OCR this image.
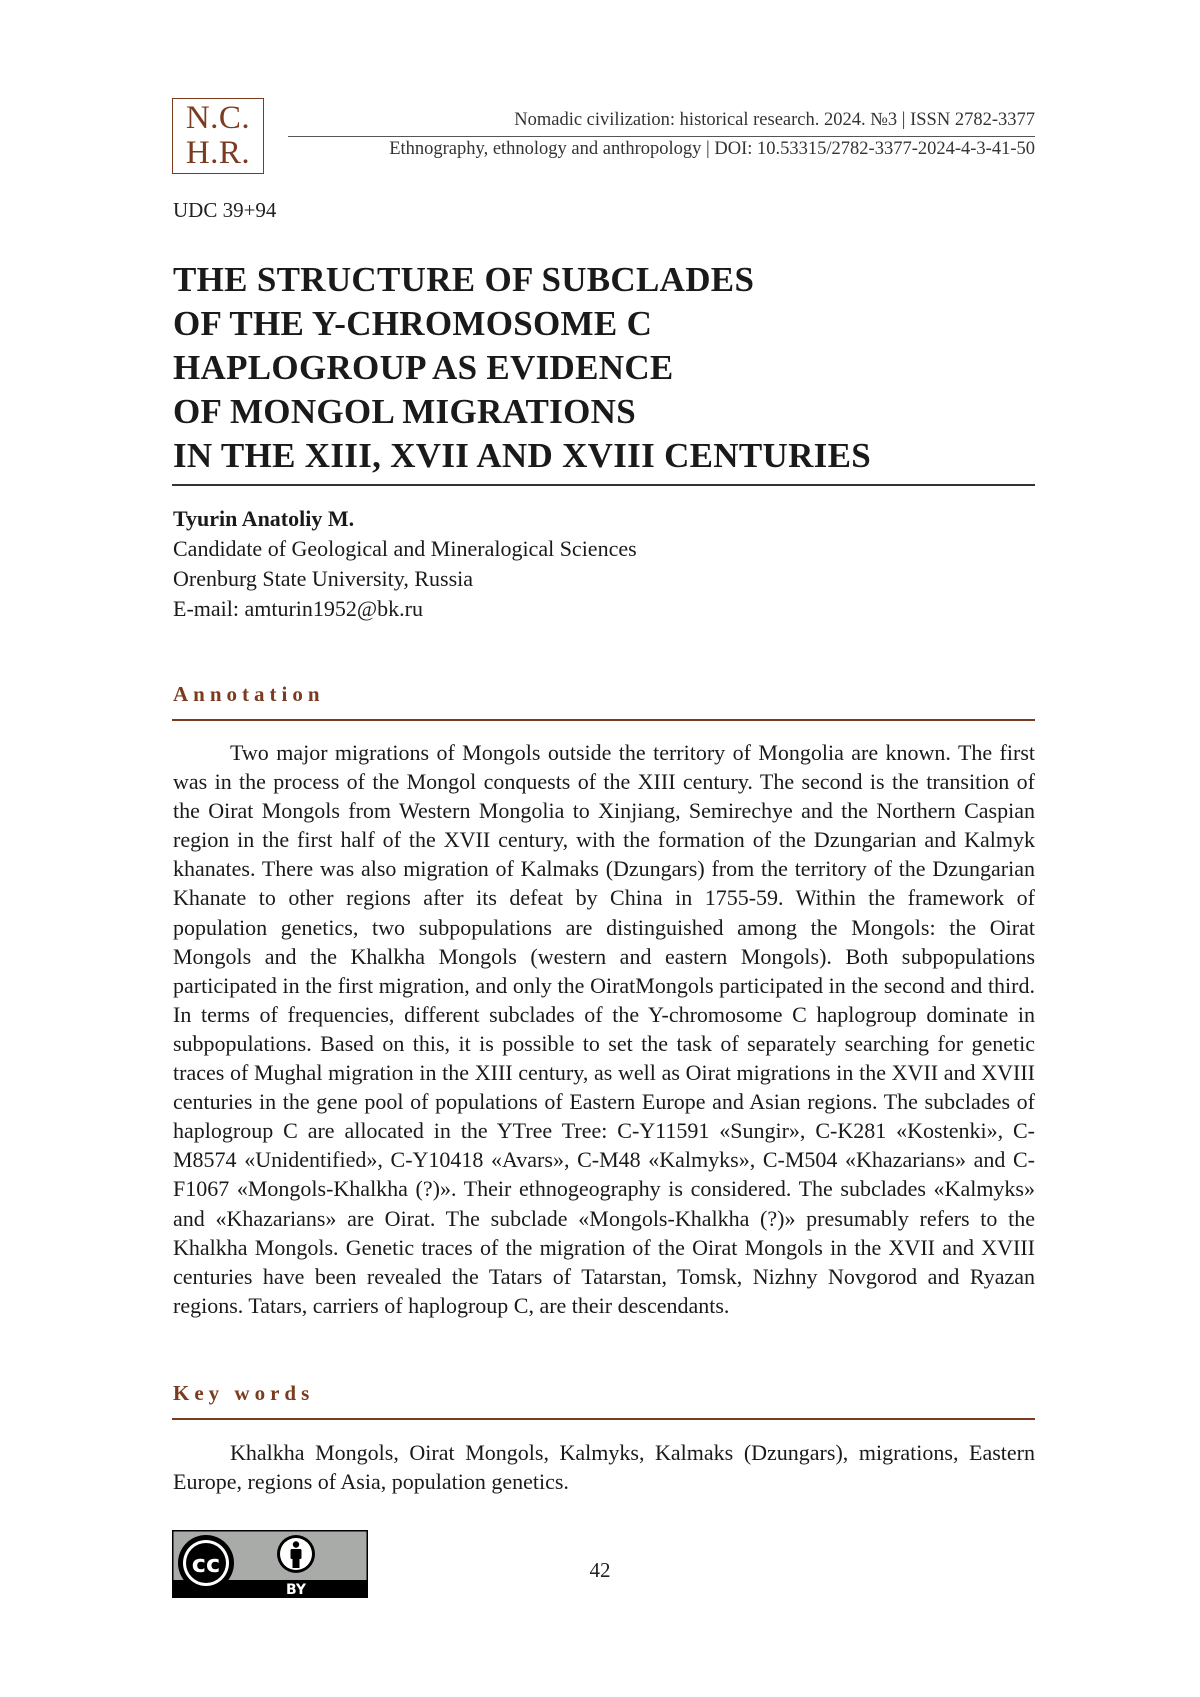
N.C.
H.R.
Nomadic civilization: historical research. 2024. №3 | ISSN 2782-3377
Ethnography, ethnology and anthropology | DOI: 10.53315/2782-3377-2024-4-3-41-50
UDC 39+94
THE STRUCTURE OF SUBCLADES
OF THE Y-CHROMOSOME C
HAPLOGROUP AS EVIDENCE
OF MONGOL MIGRATIONS
IN THE XIII, XVII AND XVIII CENTURIES
Tyurin Anatoliy M.
Candidate of Geological and Mineralogical Sciences
Orenburg State University, Russia
E-mail: amturin1952@bk.ru
Annotation

Two major migrations of Mongols outside the territory of Mongolia are known. The first was in the process of the Mongol conquests of the XIII century. The second is the transition of the Oirat Mongols from Western Mongolia to Xinjiang, Semirechye and the Northern Caspian region in the first half of the XVII century, with the formation of the Dzungarian and Kalmyk khanates. There was also migration of Kalmaks (Dzungars) from the territory of the Dzungarian Khanate to other regions after its defeat by China in 1755-59. Within the framework of population genetics, two subpopulations are distinguished among the Mongols: the Oirat Mongols and the Khalkha Mongols (western and eastern Mongols). Both subpopulations participated in the first migration, and only the OiratMongols participated in the second and third. In terms of frequencies, different subclades of the Y-chromosome C haplogroup dominate in subpopulations. Based on this, it is possible to set the task of separately searching for genetic traces of Mughal migration in the XIII century, as well as Oirat migrations in the XVII and XVIII centuries in the gene pool of populations of Eastern Europe and Asian regions. The subclades of haplogroup C are allocated in the YTree Tree: C-Y11591 «Sungir», C-K281 «Kostenki», C-M8574 «Unidentified», C-Y10418 «Avars», C-M48 «Kalmyks», C-M504 «Khazarians» and C-F1067 «Mongols-Khalkha (?)». Their ethnogeography is considered. The subclades «Kalmyks» and «Khazarians» are Oirat. The subclade «Mongols-Khalkha (?)» presumably refers to the Khalkha Mongols. Genetic traces of the migration of the Oirat Mongols in the XVII and XVIII centuries have been revealed the Tatars of Tatarstan, Tomsk, Nizhny Novgorod and Ryazan regions. Tatars, carriers of haplogroup C, are their descendants.

Key words

Khalkha Mongols, Oirat Mongols, Kalmyks, Kalmaks (Dzungars), migrations, Eastern Europe, regions of Asia, population genetics.

cc
BY
42
